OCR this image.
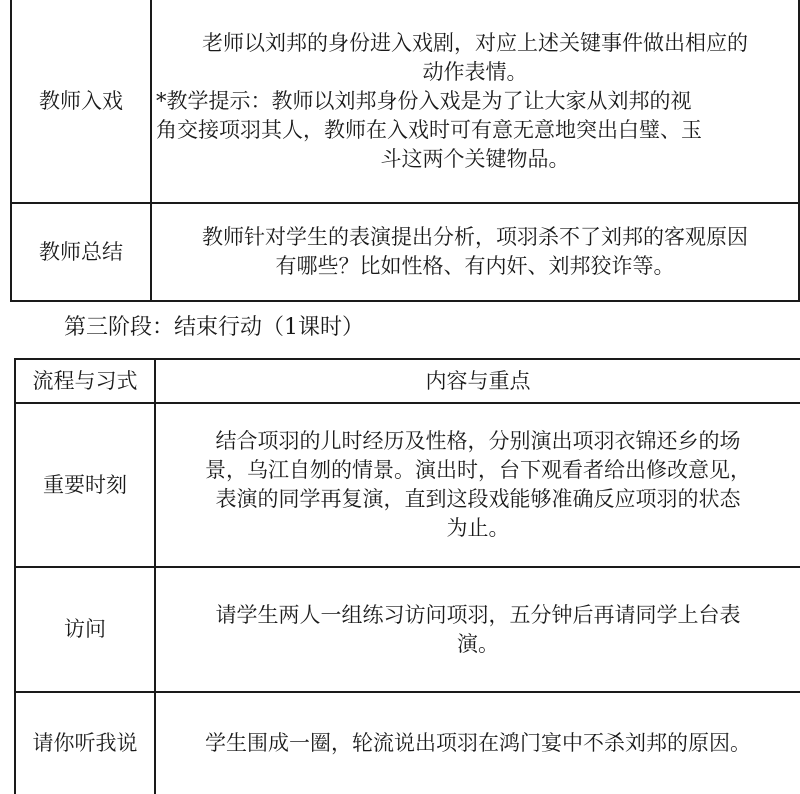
教师入戏	老师以刘邦的身份进入戏剧，对应上述关键事件做出相应的
动作表情。
*教学提示：教师以刘邦身份入戏是为了让大家从刘邦的视
角交接项羽其人，教师在入戏时可有意无意地突出白璧、玉
斗这两个关键物品。

教师总结	教师针对学生的表演提出分析，项羽杀不了刘邦的客观原因
有哪些？比如性格、有内奸、刘邦狡诈等。
第三阶段：结束行动（1课时）
流程与习式	内容与重点
重要时刻	结合项羽的儿时经历及性格，分别演出项羽衣锦还乡的场
景，乌江自刎的情景。演出时，台下观看者给出修改意见，
表演的同学再复演，直到这段戏能够准确反应项羽的状态
为止。

访问	请学生两人一组练习访问项羽，五分钟后再请同学上台表
演。

请你听我说	学生围成一圈，轮流说出项羽在鸿门宴中不杀刘邦的原因。
